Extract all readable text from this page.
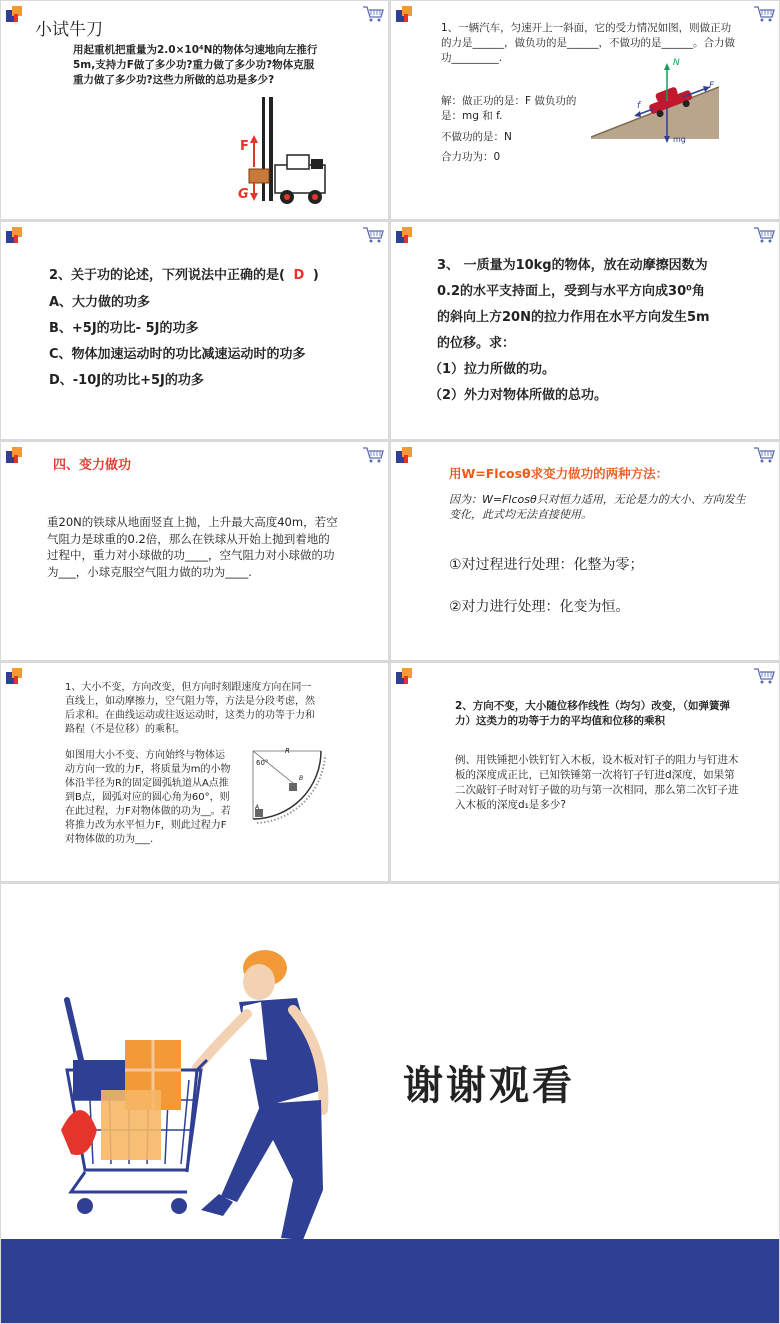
小试牛刀

用起重机把重量为2.0×10⁴N的物体匀速地向左推行5m,支持力F做了多少功?重力做了多少功?物体克服重力做了多少功?这些力所做的总功是多少?

F
G

1、一辆汽车，匀速开上一斜面，它的受力情况如图，则做正功的力是______，做负功的是______，不做功的是______。合力做功_________.

解：做正功的是：F 做负功的是：mg 和 f.

不做功的是：N

合力功为：0

N
F
f
mg

2、关于功的论述，下列说法中正确的是( D )

A、大力做的功多

B、+5J的功比- 5J的功多

C、物体加速运动时的功比减速运动时的功多

D、-10J的功比+5J的功多

3、 一质量为10kg的物体，放在动摩擦因数为

0.2的水平支持面上，受到与水平方向成30⁰角

的斜向上方20N的拉力作用在水平方向发生5m

的位移。求：

（1）拉力所做的功。

（2）外力对物体所做的总功。

四、变力做功

重20N的铁球从地面竖直上抛，上升最大高度40m，若空气阻力是球重的0.2倍，那么在铁球从开始上抛到着地的过程中，重力对小球做的功____，空气阻力对小球做的功为___，小球克服空气阻力做的功为____.

用W=Flcosθ求变力做功的两种方法：

因为：W=Flcosθ只对恒力适用，无论是力的大小、方向发生变化，此式均无法直接使用。

①对过程进行处理：化整为零；

②对力进行处理：化变为恒。

1、大小不变，方向改变，但方向时刻跟速度方向在同一直线上，如动摩擦力，空气阻力等，方法是分段考虑，然后求和。在曲线运动或往返运动时，这类力的功等于力和路程（不是位移）的乘积。

如图用大小不变、方向始终与物体运动方向一致的力F，将质量为m的小物体沿半径为R的固定圆弧轨道从A点推到B点，圆弧对应的圆心角为60°，则在此过程，力F对物体做的功为__。若将推力改为水平恒力F，则此过程力F对物体做的功为___.

R
60°
A
B

2、方向不变，大小随位移作线性（均匀）改变，（如弹簧弹力）这类力的功等于力的平均值和位移的乘积

例、用铁锤把小铁钉钉入木板，设木板对钉子的阻力与钉进木板的深度成正比，已知铁锤第一次将钉子钉进d深度，如果第二次敲钉子时对钉子做的功与第一次相同，那么第二次钉子进入木板的深度d₁是多少?

谢谢观看
